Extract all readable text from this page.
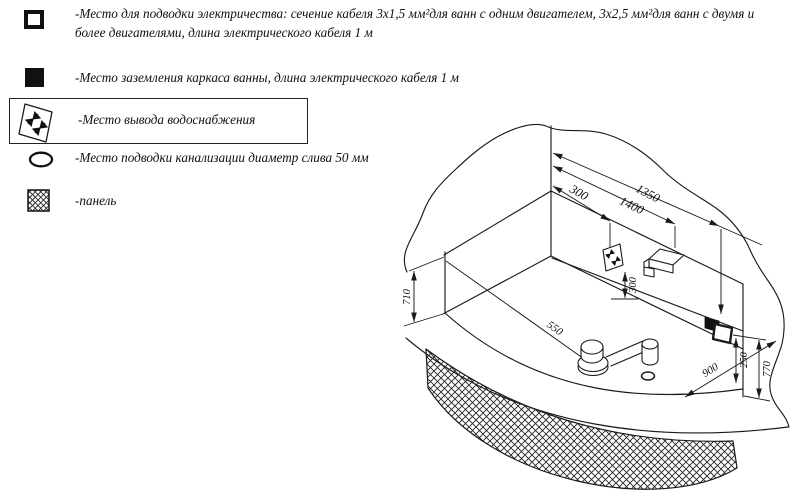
-Место для подводки электричества: сечение кабеля 3х1,5 мм²для ванн с одним двигателем, 3х2,5 мм²для ванн с двумя и
более двигателями, длина электрического кабеля 1 м
-Место заземления каркаса ванны, длина электрического кабеля 1 м
-Место вывода водоснабжения
-Место подводки канализации диаметр слива 50 мм
-панель	1350
1400
300
300
710
550
900
250
770
